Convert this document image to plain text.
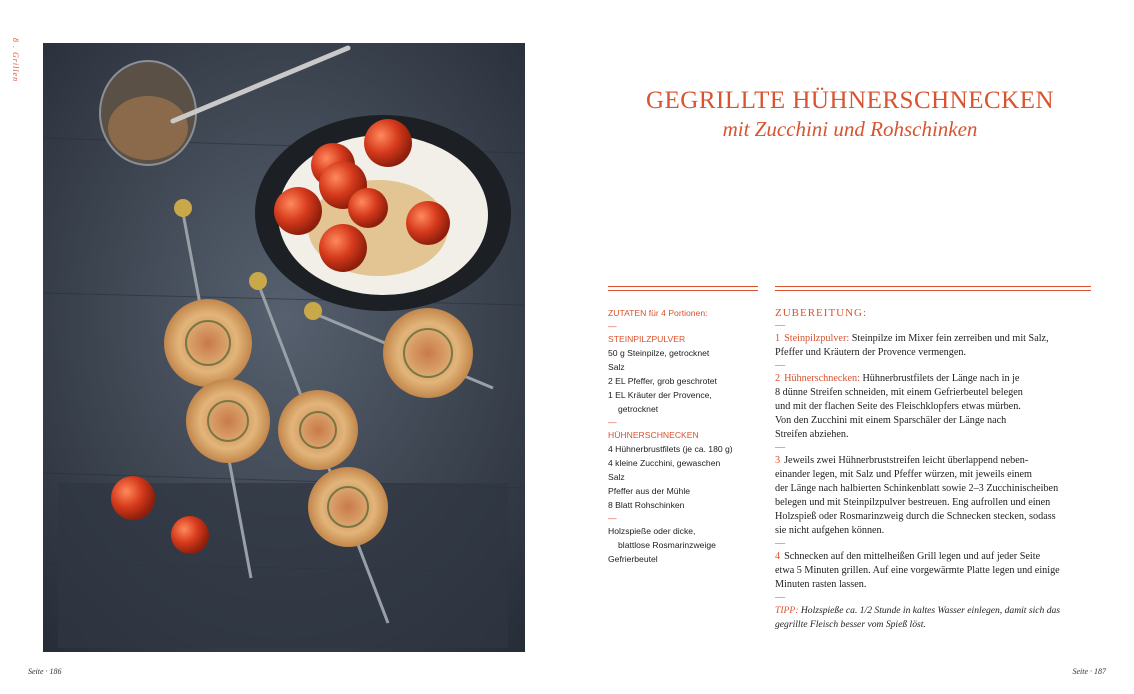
8 . Grillen
GEGRILLTE HÜHNERSCHNECKEN
mit Zucchini und Rohschinken
ZUTATEN für 4 Portionen:
—
STEINPILZPULVER
50 g Steinpilze, getrocknet
Salz
2 EL Pfeffer, grob geschrotet
1 EL Kräuter der Provence,
getrocknet
—
HÜHNERSCHNECKEN
4 Hühnerbrustfilets (je ca. 180 g)
4 kleine Zucchini, gewaschen
Salz
Pfeffer aus der Mühle
8 Blatt Rohschinken
—
Holzspieße oder dicke,
blattlose Rosmarinzweige
Gefrierbeutel
ZUBEREITUNG:
—
1 Steinpilzpulver: Steinpilze im Mixer fein zerreiben und mit Salz,
Pfeffer und Kräutern der Provence vermengen.
—
2 Hühnerschnecken: Hühnerbrustfilets der Länge nach in je
8 dünne Streifen schneiden, mit einem Gefrierbeutel belegen
und mit der flachen Seite des Fleischklopfers etwas mürben.
Von den Zucchini mit einem Sparschäler der Länge nach
Streifen abziehen.
—
3 Jeweils zwei Hühnerbruststreifen leicht überlappend neben-
einander legen, mit Salz und Pfeffer würzen, mit jeweils einem
der Länge nach halbierten Schinkenblatt sowie 2–3 Zucchinischeiben
belegen und mit Steinpilzpulver bestreuen. Eng aufrollen und einen
Holzspieß oder Rosmarinzweig durch die Schnecken stecken, sodass
sie nicht aufgehen können.
—
4 Schnecken auf den mittelheißen Grill legen und auf jeder Seite
etwa 5 Minuten grillen. Auf eine vorgewärmte Platte legen und einige
Minuten rasten lassen.
—
TIPP: Holzspieße ca. 1/2 Stunde in kaltes Wasser einlegen, damit sich das
gegrillte Fleisch besser vom Spieß löst.
Seite · 186	Seite · 187
